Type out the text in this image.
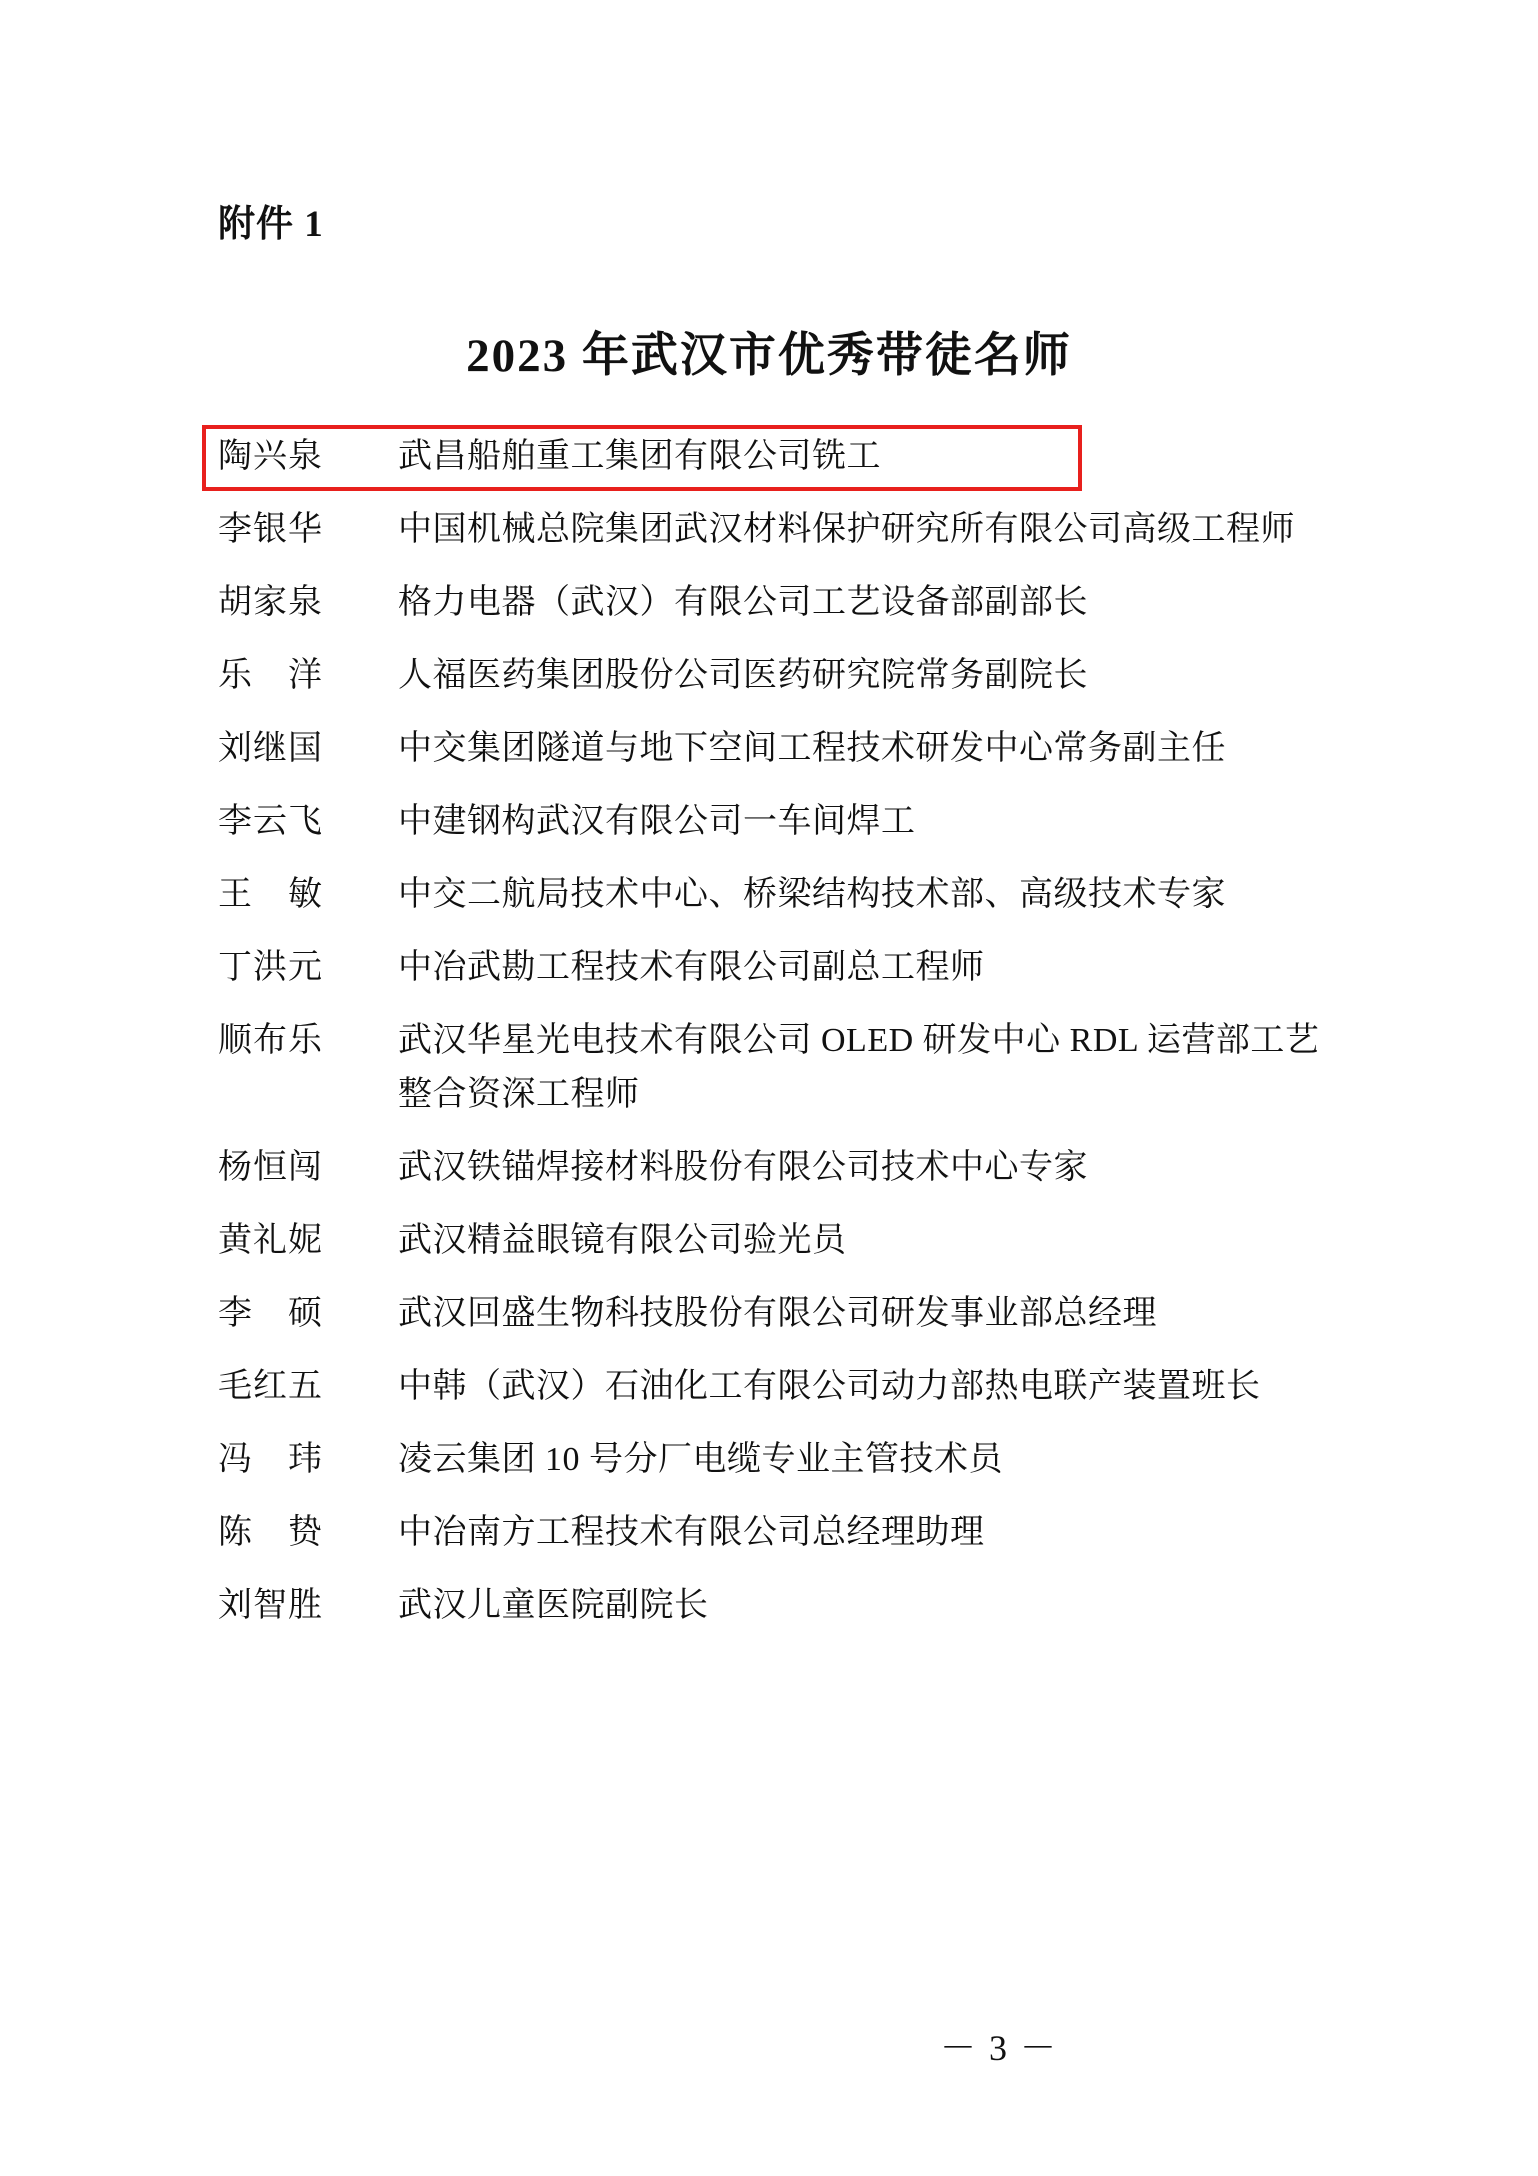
附件 1
2023 年武汉市优秀带徒名师
陶兴泉	武昌船舶重工集团有限公司铣工
李银华	中国机械总院集团武汉材料保护研究所有限公司高级工程师
胡家泉	格力电器（武汉）有限公司工艺设备部副部长
乐　洋	人福医药集团股份公司医药研究院常务副院长
刘继国	中交集团隧道与地下空间工程技术研发中心常务副主任
李云飞	中建钢构武汉有限公司一车间焊工
王　敏	中交二航局技术中心、桥梁结构技术部、高级技术专家
丁洪元	中冶武勘工程技术有限公司副总工程师
顺布乐	武汉华星光电技术有限公司 OLED 研发中心 RDL 运营部工艺整合资深工程师
杨恒闯	武汉铁锚焊接材料股份有限公司技术中心专家
黄礼妮	武汉精益眼镜有限公司验光员
李　硕	武汉回盛生物科技股份有限公司研发事业部总经理
毛红五	中韩（武汉）石油化工有限公司动力部热电联产装置班长
冯　玮	凌云集团 10 号分厂电缆专业主管技术员
陈　贽	中冶南方工程技术有限公司总经理助理
刘智胜	武汉儿童医院副院长
－ 3 －
